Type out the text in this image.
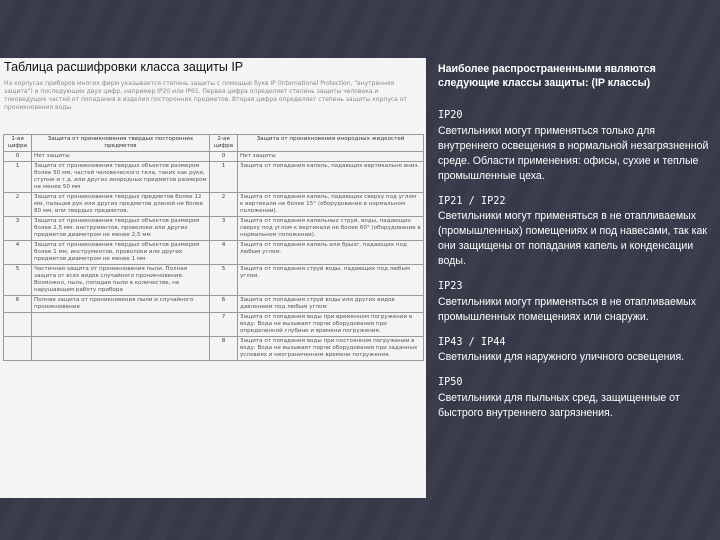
Таблица расшифровки класса защиты IP
На корпусах приборов многих фирм указывается степень защиты с помощью букв IP (International Protection, "внутренняя защита") и последующих двух цифр, например IP20 или IP65. Первая цифра определяет степень защиты человека и токоведущих частей от попадания в изделия посторонних предметов. Вторая цифра определяет степень защиты корпуса от проникновения воды.
1-ая цифра	Защита от проникновения твердых посторонних предметов	2-ая цифра	Защита от проникновения инородных жидкостей
0	Нет защиты	0	Нет защиты
1	Защита от проникновения твердых объектов размером более 50 мм, частей человеческого тела, таких как руки, ступни и т.д. или других инородных предметов размером не менее 50 мм	1	Защита от попадания капель, падающих вертикально вниз.
2	Защита от проникновения твердых предметов более 12 мм, пальцев рук или других предметов длиной не более 80 мм, или твердых предметов.	2	Защита от попадания капель, падающих сверху под углом к вертикали не более 15° (оборудование в нормальном положении).
3	Защита от проникновения твердых объектов размером более 2,5 мм: инструментов, проволоки или других предметов диаметром не менее 2,5 мм	3	Защита от попадания капельных струй, воды, падающих сверху под углом к вертикали не более 60° (оборудование в нормальном положении).
4	Защита от проникновения твердых объектов размером более 1 мм, инструментов, проволоки или других предметов диаметром не менее 1 мм	4	Защита от попадания капель или брызг, падающих под любым углом.
5	Частичная защита от проникновения пыли. Полная защита от всех видов случайного проникновения. Возможно, пыль, попадая пыли в количестве, не нарушающем работу прибора	5	Защита от попадания струй воды, падающих под любым углом.
6	Полная защита от проникновения пыли и случайного проникновения	6	Защита от попадания струй воды или других видов давлением под любым углом
		7	Защита от попадания воды при временном погружении в воду. Вода не вызывает порчи оборудования при определенной глубине и времени погружения.
		8	Защита от попадания воды при постоянном погружении в воду. Вода не вызывает порчи оборудования при заданных условиях и неограниченном времени погружения.
Наиболее распространенными являются следующие классы защиты: (IP классы)
IP20
Светильники могут применяться только для внутреннего освещения в нормальной незагрязненной среде. Области применения: офисы, сухие и теплые промышленные цеха.
IP21 / IP22
Светильники могут применяться в не отапливаемых (промышленных) помещениях и под навесами, так как они защищены от попадания капель и конденсации воды.
IP23
Светильники могут применяться в не отапливаемых промышленных помещениях или снаружи.
IP43 / IP44
Светильники для наружного уличного освещения.
IP50
Светильники для пыльных сред, защищенные от быстрого внутреннего загрязнения.
